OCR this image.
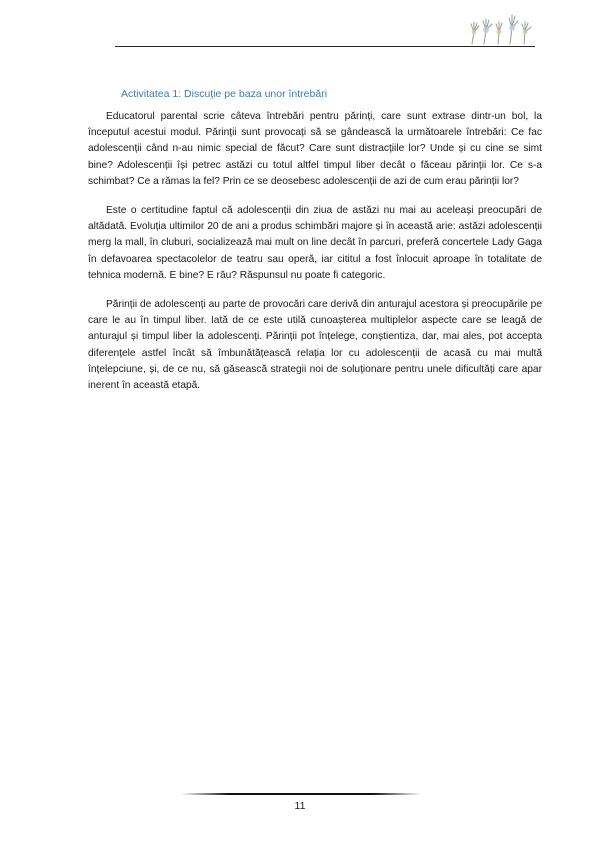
Activitatea 1: Discuție pe baza unor întrebări

Educatorul parental scrie câteva întrebări pentru părinți, care sunt extrase dintr-un bol, la începutul acestui modul. Părinții sunt provocați să se gândească la următoarele întrebări: Ce fac adolescenții când n-au nimic special de făcut? Care sunt distracțiile lor? Unde și cu cine se simt bine? Adolescenții își petrec astăzi cu totul altfel timpul liber decât o făceau părinții lor. Ce s-a schimbat? Ce a rămas la fel? Prin ce se deosebesc adolescenții de azi de cum erau părinții lor?

Este o certitudine faptul că adolescenții din ziua de astăzi nu mai au aceleași preocupări de altădată. Evoluția ultimilor 20 de ani a produs schimbări majore și în această arie: astăzi adolescenții merg la mall, în cluburi, socializează mai mult on line decât în parcuri, preferă concertele Lady Gaga în defavoarea spectacolelor de teatru sau operă, iar cititul a fost înlocuit aproape în totalitate de tehnica modernă. E bine? E rău? Răspunsul nu poate fi categoric.

Părinții de adolescenți au parte de provocări care derivă din anturajul acestora și preocupările pe care le au în timpul liber. Iată de ce este utilă cunoașterea multiplelor aspecte care se leagă de anturajul și timpul liber la adolescenți. Părinții pot înțelege, conștientiza, dar, mai ales, pot accepta diferențele astfel încât să îmbunătățească relația lor cu adolescenții de acasă cu mai multă înțelepciune, și, de ce nu, să găsească strategii noi de soluționare pentru unele dificultăți care apar inerent în această etapă.

11
